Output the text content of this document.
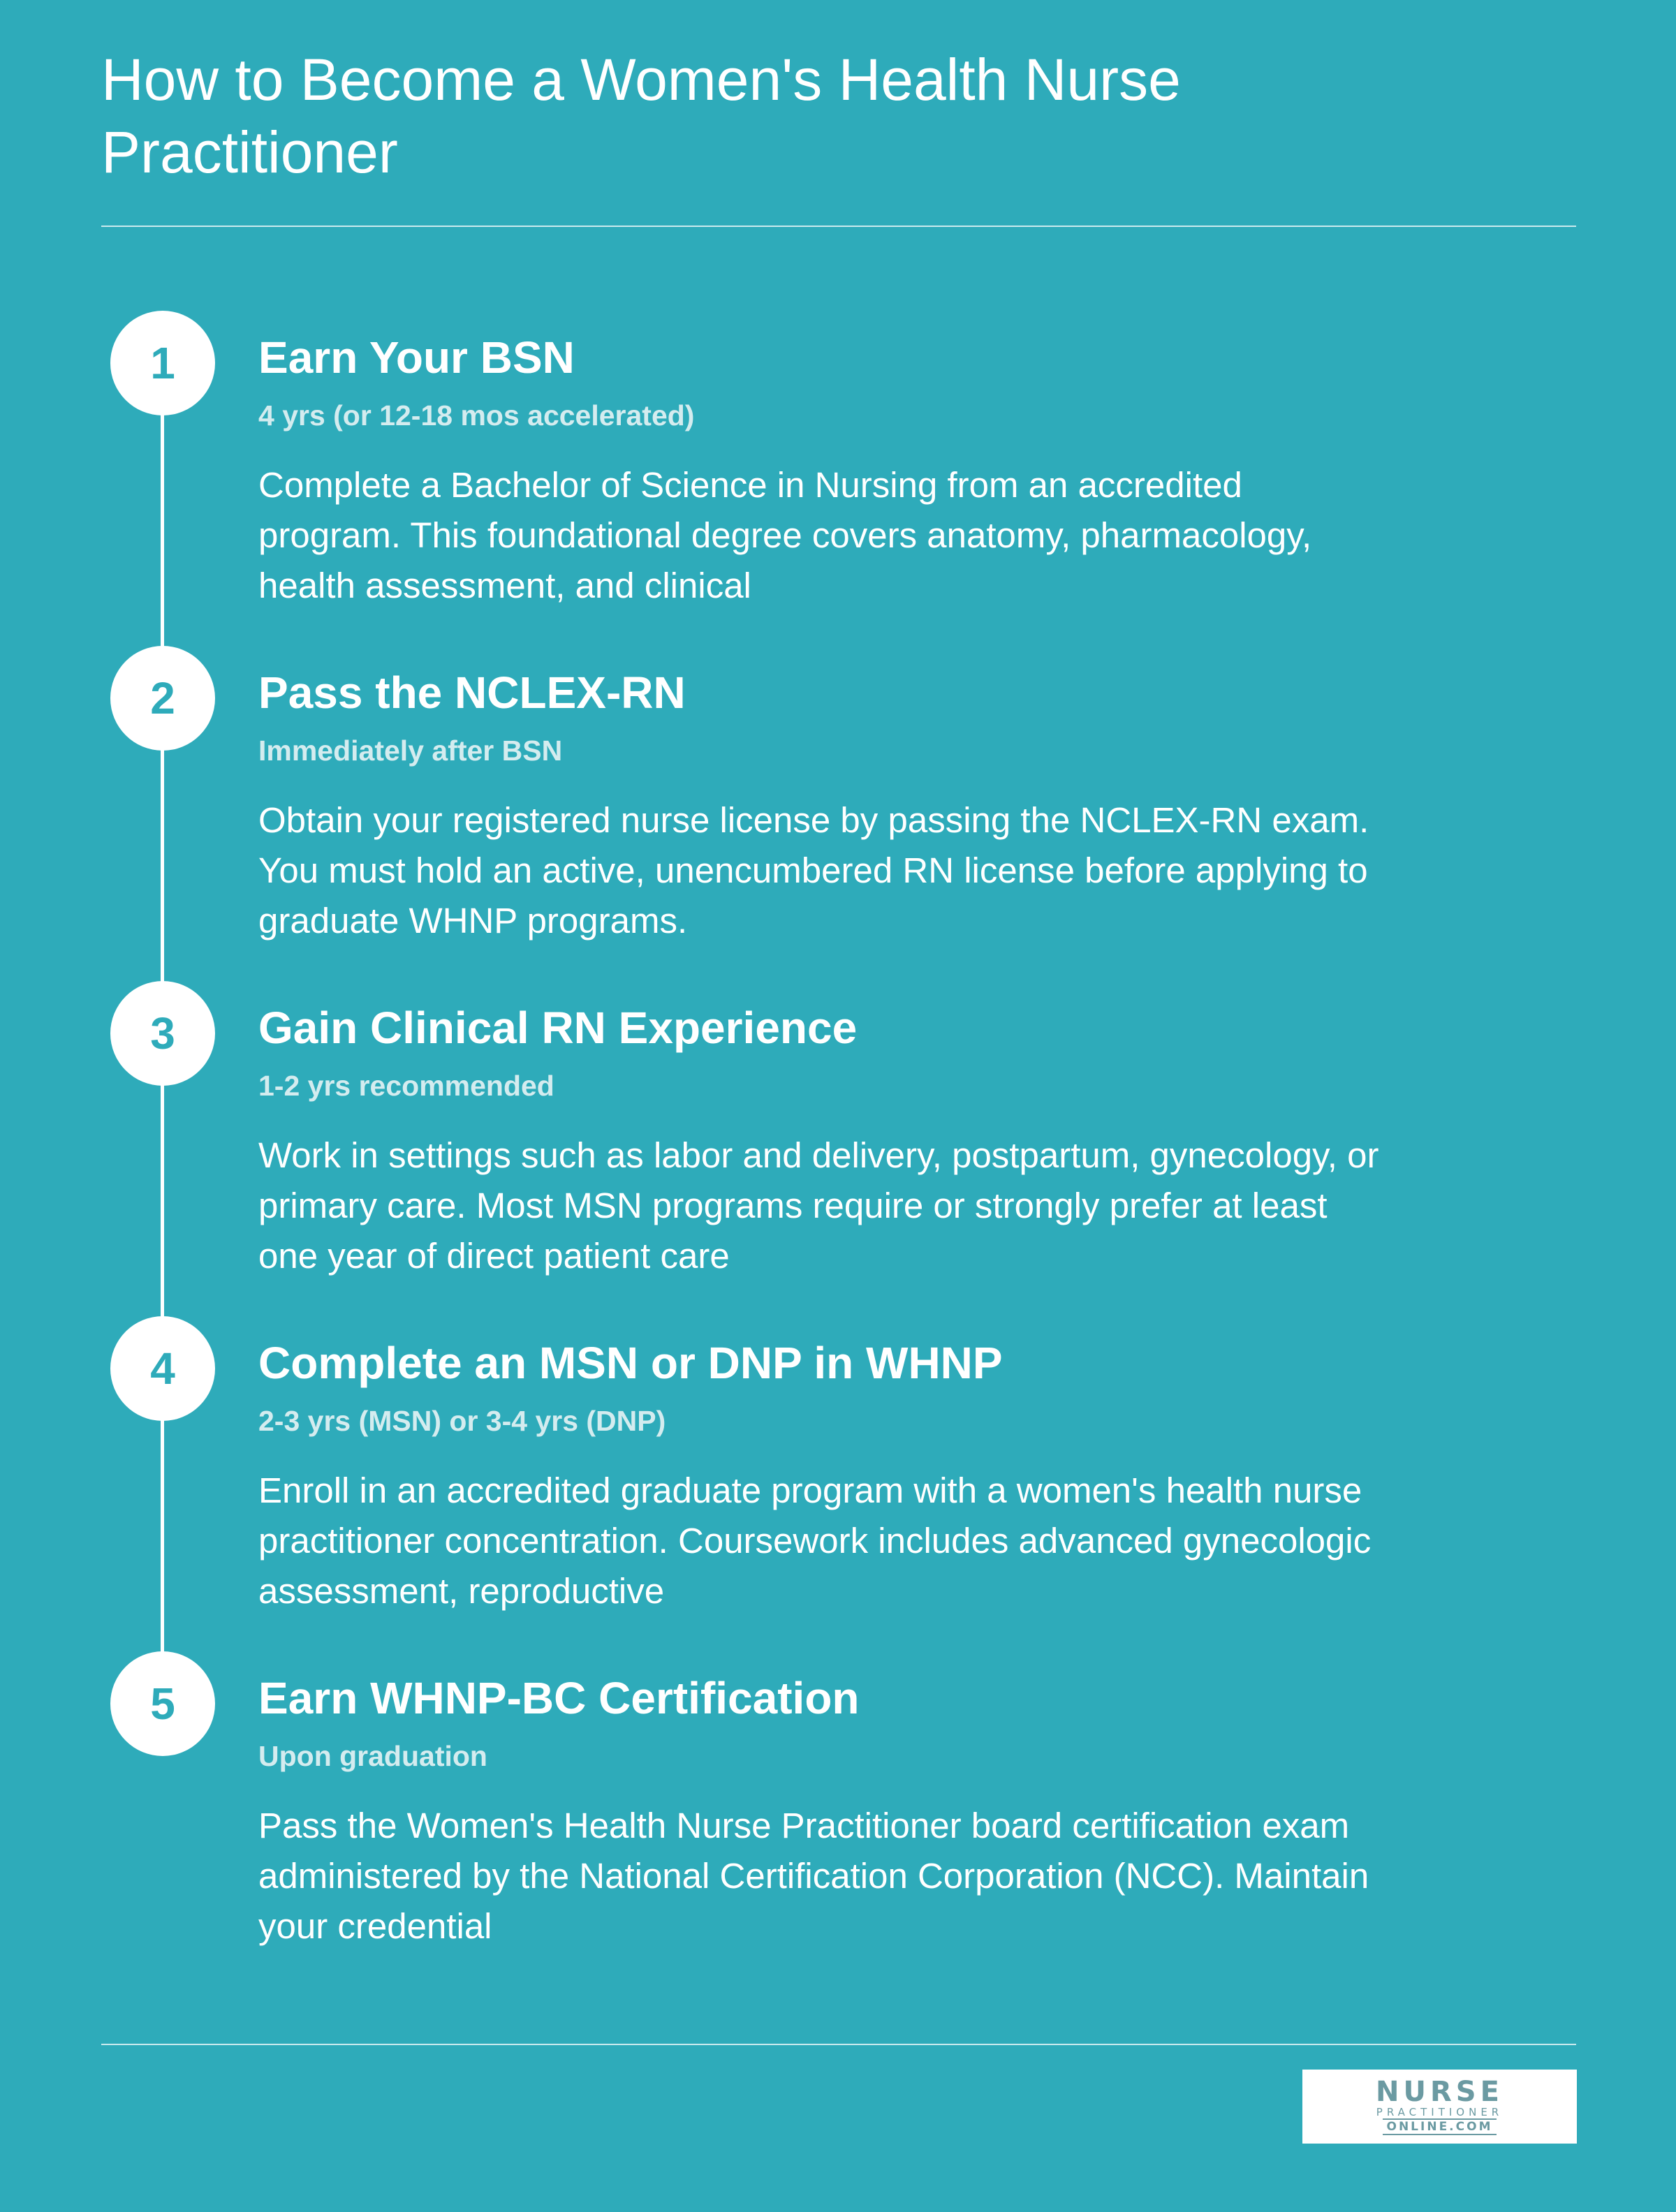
How to Become a Women's Health Nurse Practitioner
1	Earn Your BSN
4 yrs (or 12-18 mos accelerated)
Complete a Bachelor of Science in Nursing from an accredited program. This foundational degree covers anatomy, pharmacology, health assessment, and clinical
2	Pass the NCLEX-RN
Immediately after BSN
Obtain your registered nurse license by passing the NCLEX-RN exam. You must hold an active, unencumbered RN license before applying to graduate WHNP programs.
3	Gain Clinical RN Experience
1-2 yrs recommended
Work in settings such as labor and delivery, postpartum, gynecology, or primary care. Most MSN programs require or strongly prefer at least one year of direct patient care
4	Complete an MSN or DNP in WHNP
2-3 yrs (MSN) or 3-4 yrs (DNP)
Enroll in an accredited graduate program with a women's health nurse practitioner concentration. Coursework includes advanced gynecologic assessment, reproductive
5	Earn WHNP-BC Certification
Upon graduation
Pass the Women's Health Nurse Practitioner board certification exam administered by the National Certification Corporation (NCC). Maintain your credential
NURSE
PRACTITIONER
ONLINE.COM
